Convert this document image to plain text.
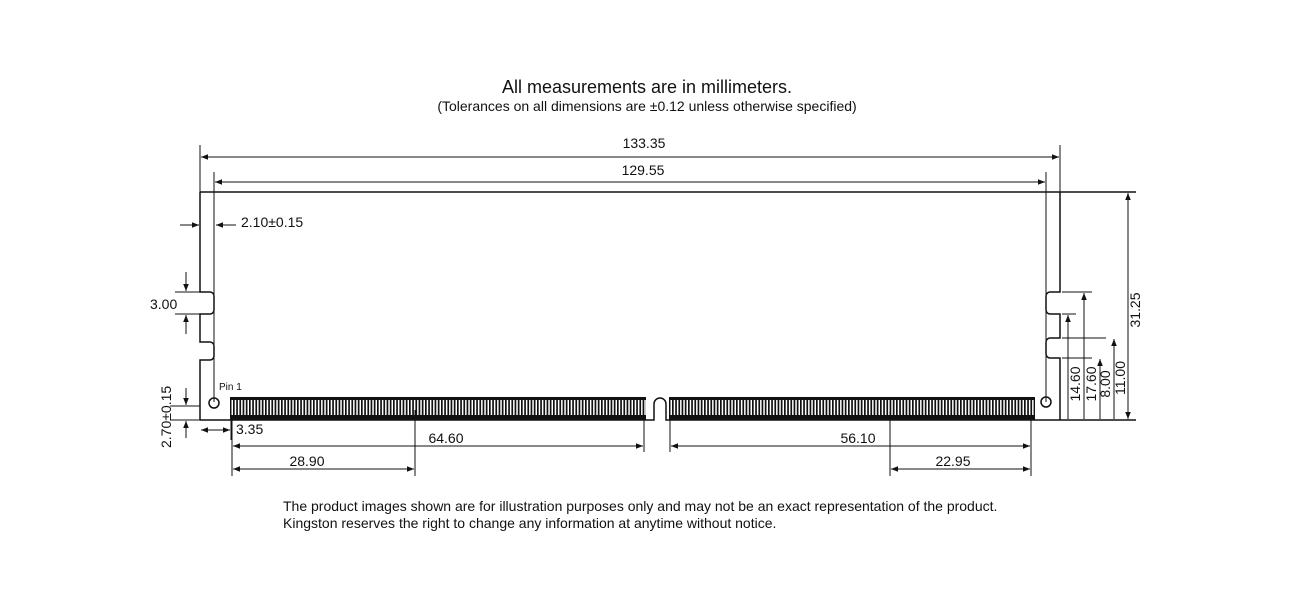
All measurements are in millimeters.
(Tolerances on all dimensions are ±0.12 unless otherwise specified)
133.35
129.55
2.10±0.15
3.00
2.70±0.15	Pin 1
3.35
64.60
28.90
56.10
22.95
31.25
14.60 17.60
8.00 11.00
The product images shown are for illustration purposes only and may not be an exact representation of the product.
Kingston reserves the right to change any information at anytime without notice.
